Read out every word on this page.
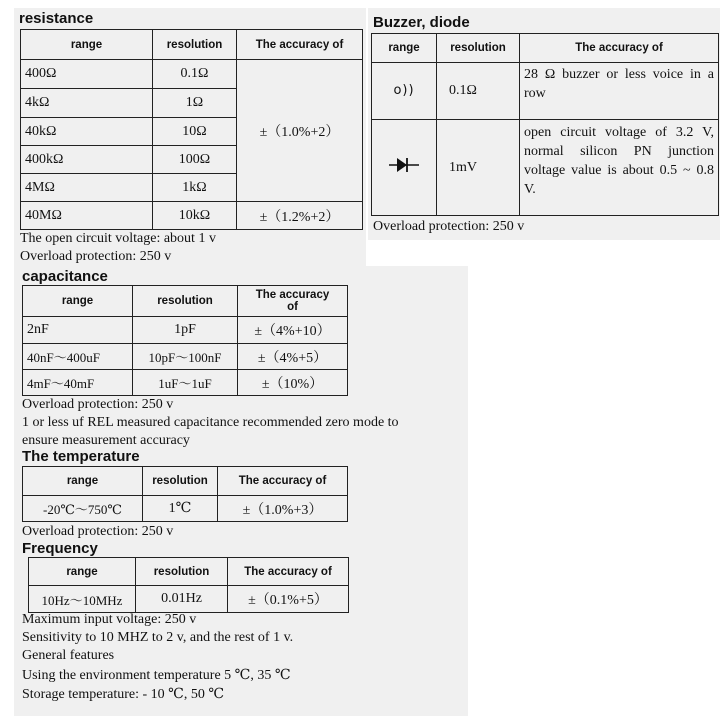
resistance
range	resolution	The accuracy of
400Ω	0.1Ω	±（1.0%+2）
4kΩ	1Ω	
40kΩ	10Ω	
400kΩ	100Ω	
4MΩ	1kΩ	
40MΩ	10kΩ	±（1.2%+2）
The open circuit voltage: about 1 v
Overload protection: 250 v
Buzzer, diode
range	resolution	The accuracy of
o))	0.1Ω	28 Ω buzzer or less voice in a row
	1mV	open circuit voltage of 3.2 V, normal silicon PN junction voltage value is about 0.5 ~ 0.8 V.
Overload protection: 250 v
capacitance
range	resolution	The accuracy of
2nF	1pF	±（4%+10）
40nF～400uF	10pF～100nF	±（4%+5）
4mF～40mF	1uF～1uF	±（10%）
Overload protection: 250 v
1 or less uf REL measured capacitance recommended zero mode to
ensure measurement accuracy
The temperature
range	resolution	The accuracy of
-20℃～750℃	1℃	±（1.0%+3）
Overload protection: 250 v
Frequency
range	resolution	The accuracy of
10Hz～10MHz	0.01Hz	±（0.1%+5）
Maximum input voltage: 250 v
Sensitivity to 10 MHZ to 2 v, and the rest of 1 v.
General features
Using the environment temperature 5 ℃, 35 ℃
Storage temperature: - 10 ℃, 50 ℃
